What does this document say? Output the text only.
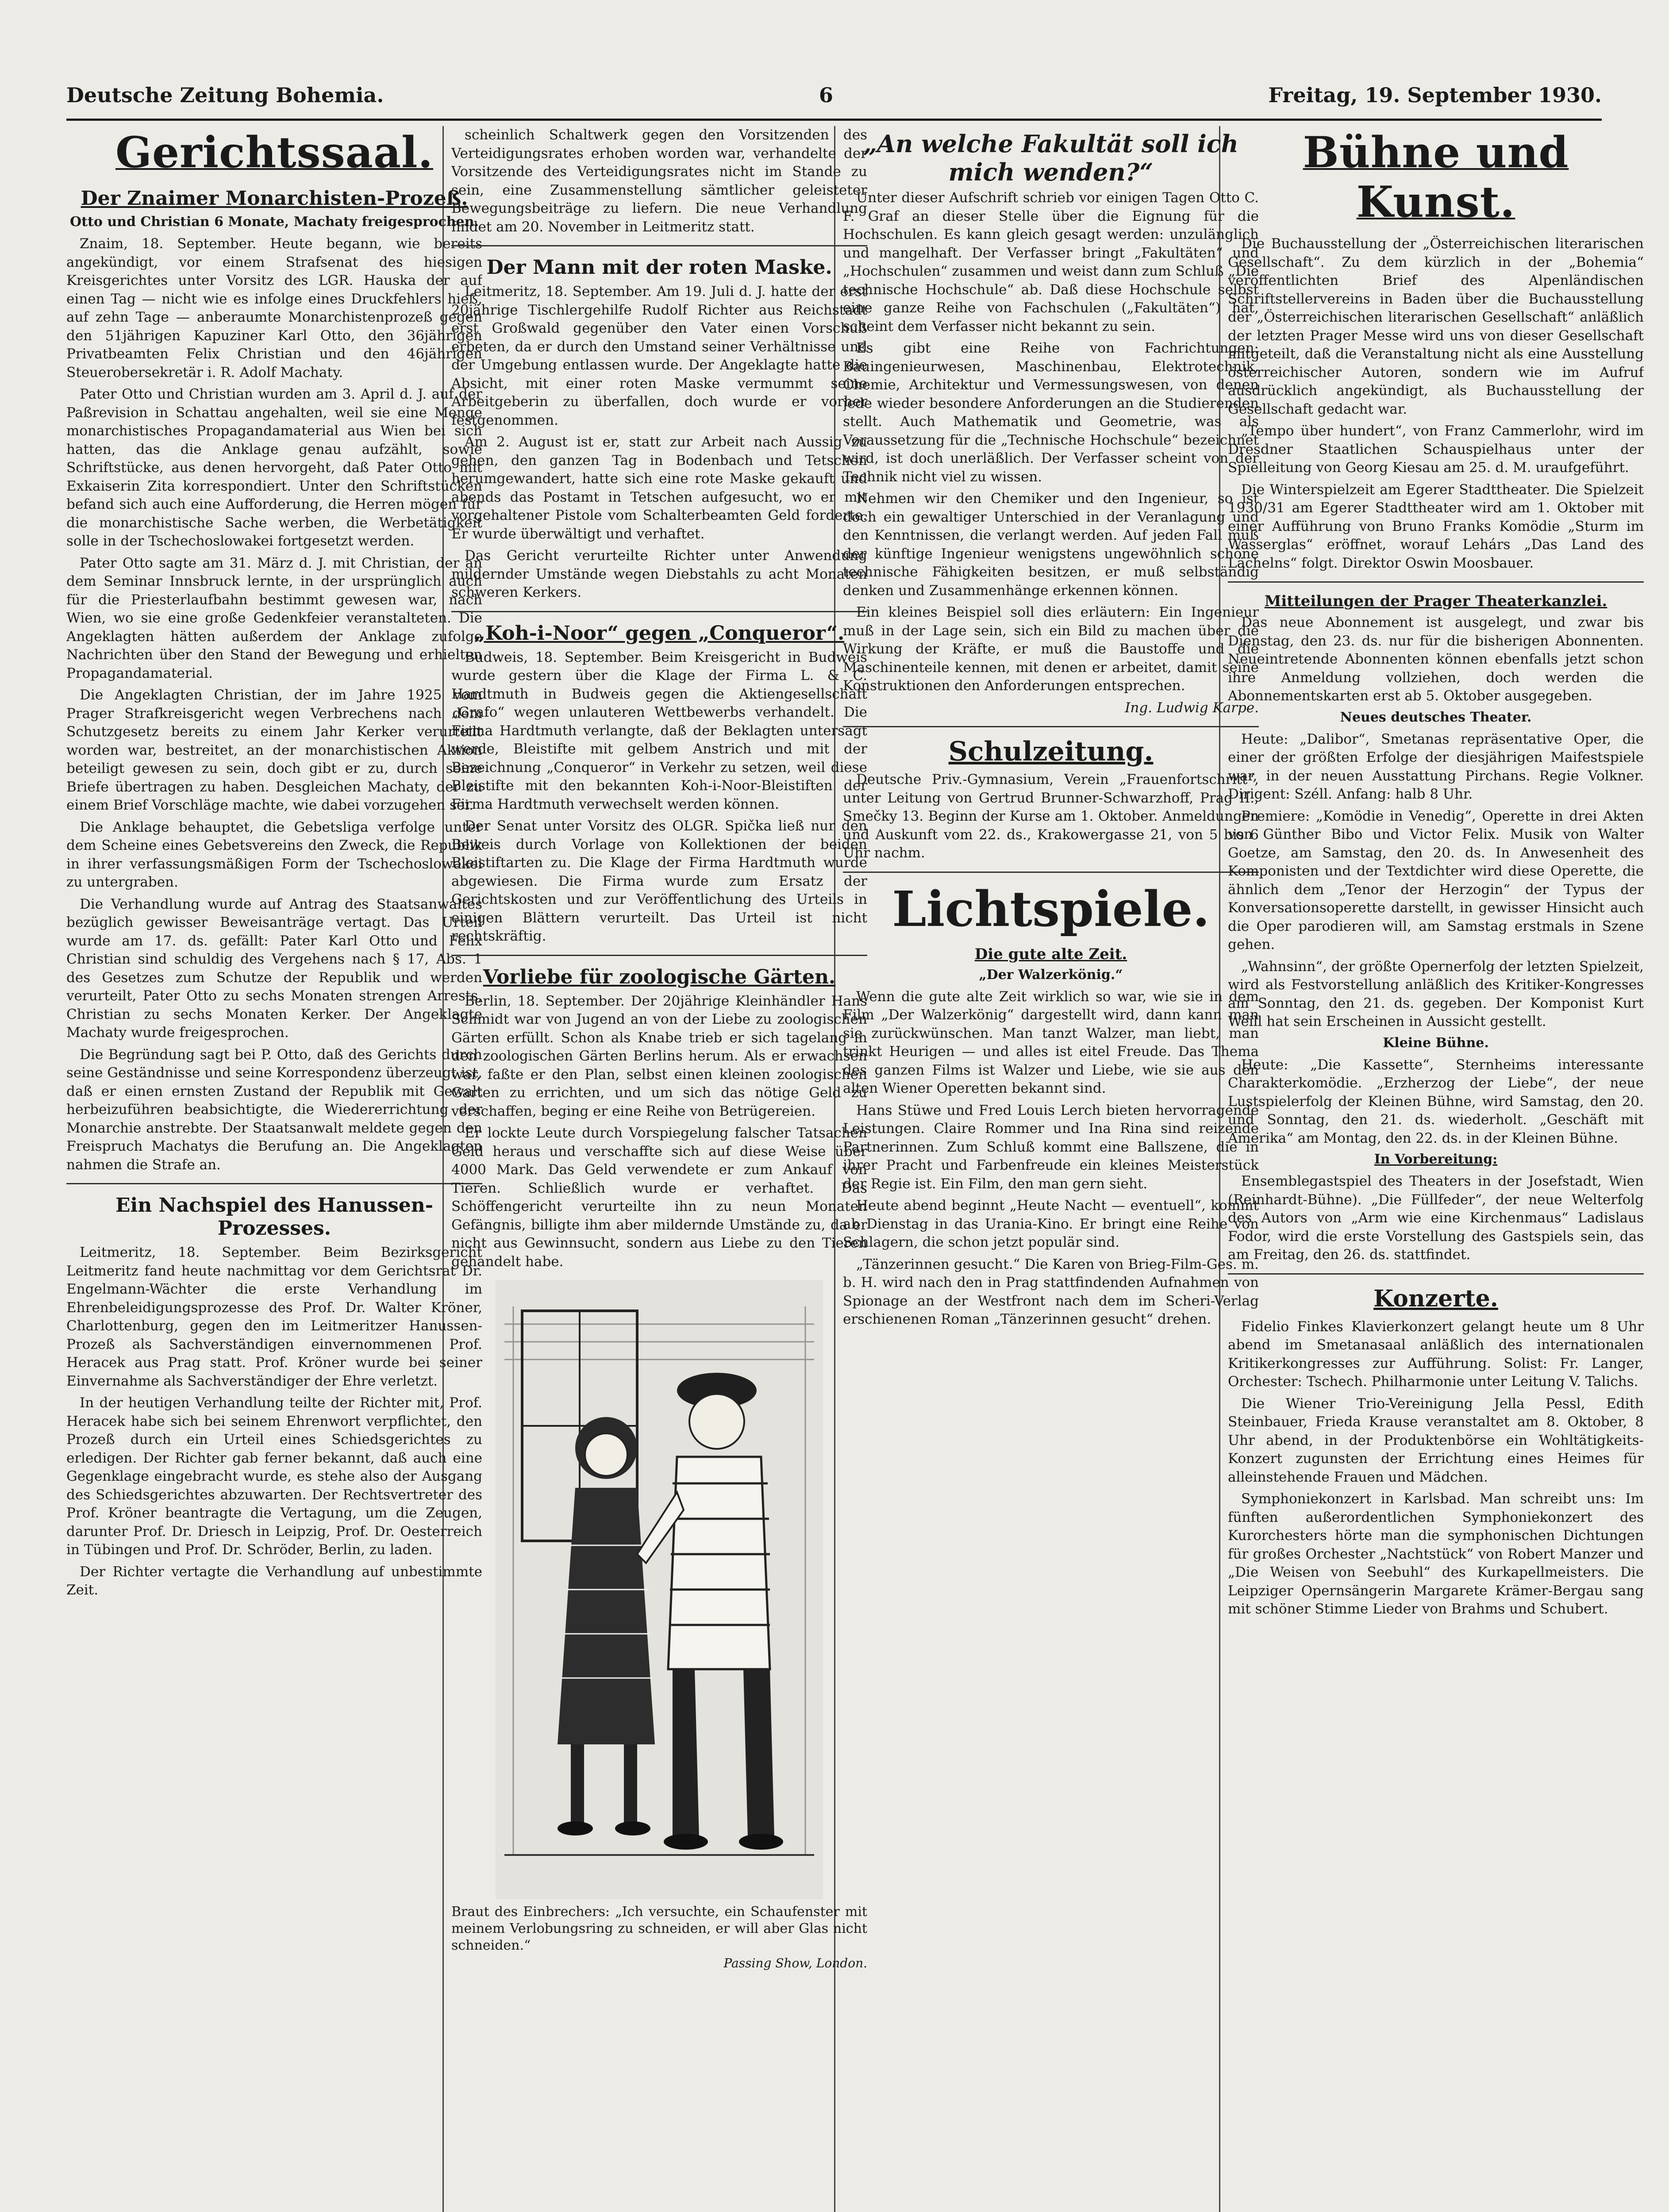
Deutsche Zeitung Bohemia.	6	Freitag, 19. September 1930.
Gerichtssaal.
Der Znaimer Monarchisten-Prozeß.
Otto und Christian 6 Monate, Machaty freigesprochen.

Znaim, 18. September. Heute begann, wie bereits angekündigt, vor einem Strafsenat des hiesigen Kreisgerichtes unter Vorsitz des LGR. Hauska der auf einen Tag — nicht wie es infolge eines Druckfehlers hieß, auf zehn Tage — anberaumte Monarchistenprozeß gegen den 51jährigen Kapuziner Karl Otto, den 36jährigen Privatbeamten Felix Christian und den 46jährigen Steuerobersekretär i. R. Adolf Machaty.

Pater Otto und Christian wurden am 3. April d. J. auf der Paßrevision in Schattau angehalten, weil sie eine Menge monarchistisches Propagandamaterial aus Wien bei sich hatten, das die Anklage genau aufzählt, sowie Schriftstücke, aus denen hervorgeht, daß Pater Otto mit Exkaiserin Zita korrespondiert. Unter den Schriftstücken befand sich auch eine Aufforderung, die Herren mögen für die monarchistische Sache werben, die Werbetätigkeit solle in der Tschechoslowakei fortgesetzt werden.

Pater Otto sagte am 31. März d. J. mit Christian, der an dem Seminar Innsbruck lernte, in der ursprünglich auch für die Priesterlaufbahn bestimmt gewesen war, nach Wien, wo sie eine große Gedenkfeier veranstalteten. Die Angeklagten hätten außerdem der Anklage zufolge Nachrichten über den Stand der Bewegung und erhielten Propagandamaterial.

Die Angeklagten Christian, der im Jahre 1925 vom Prager Strafkreisgericht wegen Verbrechens nach dem Schutzgesetz bereits zu einem Jahr Kerker verurteilt worden war, bestreitet, an der monarchistischen Aktion beteiligt gewesen zu sein, doch gibt er zu, durch seine Briefe übertragen zu haben. Desgleichen Machaty, der zu einem Brief Vorschläge machte, wie dabei vorzugehen sei.

Die Anklage behauptet, die Gebetsliga verfolge unter dem Scheine eines Gebetsvereins den Zweck, die Republik in ihrer verfassungsmäßigen Form der Tschechoslowakei zu untergraben.

Die Verhandlung wurde auf Antrag des Staatsanwaltes bezüglich gewisser Beweisanträge vertagt. Das Urteil wurde am 17. ds. gefällt: Pater Karl Otto und Felix Christian sind schuldig des Vergehens nach § 17, Abs. 1 des Gesetzes zum Schutze der Republik und werden verurteilt, Pater Otto zu sechs Monaten strengen Arrests, Christian zu sechs Monaten Kerker. Der Angeklagte Machaty wurde freigesprochen.

Die Begründung sagt bei P. Otto, daß des Gerichts durch seine Geständnisse und seine Korrespondenz überzeugt ist, daß er einen ernsten Zustand der Republik mit Gewalt herbeizuführen beabsichtigte, die Wiedererrichtung der Monarchie anstrebte. Der Staatsanwalt meldete gegen den Freispruch Machatys die Berufung an. Die Angeklagten nahmen die Strafe an.

Ein Nachspiel des Hanussen-Prozesses.

Leitmeritz, 18. September. Beim Bezirksgericht Leitmeritz fand heute nachmittag vor dem Gerichtsrat Dr. Engelmann-Wächter die erste Verhandlung im Ehrenbeleidigungsprozesse des Prof. Dr. Walter Kröner, Charlottenburg, gegen den im Leitmeritzer Hanussen-Prozeß als Sachverständigen einvernommenen Prof. Heracek aus Prag statt. Prof. Kröner wurde bei seiner Einvernahme als Sachverständiger der Ehre verletzt.

In der heutigen Verhandlung teilte der Richter mit, Prof. Heracek habe sich bei seinem Ehrenwort verpflichtet, den Prozeß durch ein Urteil eines Schiedsgerichtes zu erledigen. Der Richter gab ferner bekannt, daß auch eine Gegenklage eingebracht wurde, es stehe also der Ausgang des Schiedsgerichtes abzuwarten. Der Rechtsvertreter des Prof. Kröner beantragte die Vertagung, um die Zeugen, darunter Prof. Dr. Driesch in Leipzig, Prof. Dr. Oesterreich in Tübingen und Prof. Dr. Schröder, Berlin, zu laden.

Der Richter vertagte die Verhandlung auf unbestimmte Zeit.

scheinlich Schaltwerk gegen den Vorsitzenden des Verteidigungsrates erhoben worden war, verhandelte der Vorsitzende des Verteidigungsrates nicht im Stande zu sein, eine Zusammenstellung sämtlicher geleisteter Bewegungsbeiträge zu liefern. Die neue Verhandlung findet am 20. November in Leitmeritz statt.

Der Mann mit der roten Maske.

Leitmeritz, 18. September. Am 19. Juli d. J. hatte der erst 20jährige Tischlergehilfe Rudolf Richter aus Reichstadt erst Großwald gegenüber den Vater einen Vorschuß erbeten, da er durch den Umstand seiner Verhältnisse und der Umgebung entlassen wurde. Der Angeklagte hatte die Absicht, mit einer roten Maske vermummt seine Arbeitgeberin zu überfallen, doch wurde er vorher festgenommen.

Am 2. August ist er, statt zur Arbeit nach Aussig zu gehen, den ganzen Tag in Bodenbach und Tetschen herumgewandert, hatte sich eine rote Maske gekauft und abends das Postamt in Tetschen aufgesucht, wo er mit vorgehaltener Pistole vom Schalterbeamten Geld forderte. Er wurde überwältigt und verhaftet.

Das Gericht verurteilte Richter unter Anwendung mildernder Umstände wegen Diebstahls zu acht Monaten schweren Kerkers.

„Koh-i-Noor“ gegen „Conqueror“.

Budweis, 18. September. Beim Kreisgericht in Budweis wurde gestern über die Klage der Firma L. & C. Hardtmuth in Budweis gegen die Aktiengesellschaft „Grafo“ wegen unlauteren Wettbewerbs verhandelt. Die Firma Hardtmuth verlangte, daß der Beklagten untersagt werde, Bleistifte mit gelbem Anstrich und mit der Bezeichnung „Conqueror“ in Verkehr zu setzen, weil diese Bleistifte mit den bekannten Koh-i-Noor-Bleistiften der Firma Hardtmuth verwechselt werden können.

Der Senat unter Vorsitz des OLGR. Spička ließ nur den Beweis durch Vorlage von Kollektionen der beiden Bleistiftarten zu. Die Klage der Firma Hardtmuth wurde abgewiesen. Die Firma wurde zum Ersatz der Gerichtskosten und zur Veröffentlichung des Urteils in einigen Blättern verurteilt. Das Urteil ist nicht rechtskräftig.

Vorliebe für zoologische Gärten.

Berlin, 18. September. Der 20jährige Kleinhändler Hans Schmidt war von Jugend an von der Liebe zu zoologischen Gärten erfüllt. Schon als Knabe trieb er sich tagelang in den zoologischen Gärten Berlins herum. Als er erwachsen war, faßte er den Plan, selbst einen kleinen zoologischen Garten zu errichten, und um sich das nötige Geld zu verschaffen, beging er eine Reihe von Betrügereien.

Er lockte Leute durch Vorspiegelung falscher Tatsachen Geld heraus und verschaffte sich auf diese Weise über 4000 Mark. Das Geld verwendete er zum Ankauf von Tieren. Schließlich wurde er verhaftet. Das Schöffengericht verurteilte ihn zu neun Monaten Gefängnis, billigte ihm aber mildernde Umstände zu, da er nicht aus Gewinnsucht, sondern aus Liebe zu den Tieren gehandelt habe.

Braut des Einbrechers: „Ich versuchte, ein Schaufenster mit meinem Verlobungsring zu schneiden, er will aber Glas nicht schneiden.“
Passing Show, London.
„An welche Fakultät soll ich mich wenden?“

Unter dieser Aufschrift schrieb vor einigen Tagen Otto C. F. Graf an dieser Stelle über die Eignung für die Hochschulen. Es kann gleich gesagt werden: unzulänglich und mangelhaft. Der Verfasser bringt „Fakultäten“ und „Hochschulen“ zusammen und weist dann zum Schluß „Die technische Hochschule“ ab. Daß diese Hochschule selbst eine ganze Reihe von Fachschulen („Fakultäten“) hat, scheint dem Verfasser nicht bekannt zu sein.

Es gibt eine Reihe von Fachrichtungen: Bauingenieurwesen, Maschinenbau, Elektrotechnik, Chemie, Architektur und Vermessungswesen, von denen jede wieder besondere Anforderungen an die Studierenden stellt. Auch Mathematik und Geometrie, was als Voraussetzung für die „Technische Hochschule“ bezeichnet wird, ist doch unerläßlich. Der Verfasser scheint von der Technik nicht viel zu wissen.

Nehmen wir den Chemiker und den Ingenieur, so ist doch ein gewaltiger Unterschied in der Veranlagung und den Kenntnissen, die verlangt werden. Auf jeden Fall muß der künftige Ingenieur wenigstens ungewöhnlich schöne technische Fähigkeiten besitzen, er muß selbständig denken und Zusammenhänge erkennen können.

Ein kleines Beispiel soll dies erläutern: Ein Ingenieur muß in der Lage sein, sich ein Bild zu machen über die Wirkung der Kräfte, er muß die Baustoffe und die Maschinenteile kennen, mit denen er arbeitet, damit seine Konstruktionen den Anforderungen entsprechen.

Ing. Ludwig Karpe.

Schulzeitung.

Deutsche Priv.-Gymnasium, Verein „Frauenfortschritt“, unter Leitung von Gertrud Brunner-Schwarzhoff, Prag II., Smečky 13. Beginn der Kurse am 1. Oktober. Anmeldungen und Auskunft vom 22. ds., Krakowergasse 21, von 5 bis 6 Uhr nachm.

Lichtspiele.
Die gute alte Zeit.
„Der Walzerkönig.“

Wenn die gute alte Zeit wirklich so war, wie sie in dem Film „Der Walzerkönig“ dargestellt wird, dann kann man sie zurückwünschen. Man tanzt Walzer, man liebt, man trinkt Heurigen — und alles ist eitel Freude. Das Thema des ganzen Films ist Walzer und Liebe, wie sie aus den alten Wiener Operetten bekannt sind.

Hans Stüwe und Fred Louis Lerch bieten hervorragende Leistungen. Claire Rommer und Ina Rina sind reizende Partnerinnen. Zum Schluß kommt eine Ballszene, die in ihrer Pracht und Farbenfreude ein kleines Meisterstück der Regie ist. Ein Film, den man gern sieht.

Heute abend beginnt „Heute Nacht — eventuell“, kommt ab Dienstag in das Urania-Kino. Er bringt eine Reihe von Schlagern, die schon jetzt populär sind.

„Tänzerinnen gesucht.“ Die Karen von Brieg-Film-Ges. m. b. H. wird nach den in Prag stattfindenden Aufnahmen von Spionage an der Westfront nach dem im Scheri-Verlag erschienenen Roman „Tänzerinnen gesucht“ drehen.

Bühne und Kunst.

Die Buchausstellung der „Österreichischen literarischen Gesellschaft“. Zu dem kürzlich in der „Bohemia“ veröffentlichten Brief des Alpenländischen Schriftstellervereins in Baden über die Buchausstellung der „Österreichischen literarischen Gesellschaft“ anläßlich der letzten Prager Messe wird uns von dieser Gesellschaft mitgeteilt, daß die Veranstaltung nicht als eine Ausstellung österreichischer Autoren, sondern wie im Aufruf ausdrücklich angekündigt, als Buchausstellung der Gesellschaft gedacht war.

„Tempo über hundert“, von Franz Cammerlohr, wird im Dresdner Staatlichen Schauspielhaus unter der Spielleitung von Georg Kiesau am 25. d. M. uraufgeführt.

Die Winterspielzeit am Egerer Stadttheater. Die Spielzeit 1930/31 am Egerer Stadttheater wird am 1. Oktober mit einer Aufführung von Bruno Franks Komödie „Sturm im Wasserglas“ eröffnet, worauf Lehárs „Das Land des Lächelns“ folgt. Direktor Oswin Moosbauer.

Mitteilungen der Prager Theaterkanzlei.

Das neue Abonnement ist ausgelegt, und zwar bis Dienstag, den 23. ds. nur für die bisherigen Abonnenten. Neueintretende Abonnenten können ebenfalls jetzt schon ihre Anmeldung vollziehen, doch werden die Abonnementskarten erst ab 5. Oktober ausgegeben.

Neues deutsches Theater.

Heute: „Dalibor“, Smetanas repräsentative Oper, die einer der größten Erfolge der diesjährigen Maifestspiele war, in der neuen Ausstattung Pirchans. Regie Volkner. Dirigent: Széll. Anfang: halb 8 Uhr.

Premiere: „Komödie in Venedig“, Operette in drei Akten von Günther Bibo und Victor Felix. Musik von Walter Goetze, am Samstag, den 20. ds. In Anwesenheit des Komponisten und der Textdichter wird diese Operette, die ähnlich dem „Tenor der Herzogin“ der Typus der Konversationsoperette darstellt, in gewisser Hinsicht auch die Oper parodieren will, am Samstag erstmals in Szene gehen.

„Wahnsinn“, der größte Opernerfolg der letzten Spielzeit, wird als Festvorstellung anläßlich des Kritiker-Kongresses am Sonntag, den 21. ds. gegeben. Der Komponist Kurt Weill hat sein Erscheinen in Aussicht gestellt.

Kleine Bühne.

Heute: „Die Kassette“, Sternheims interessante Charakterkomödie. „Erzherzog der Liebe“, der neue Lustspielerfolg der Kleinen Bühne, wird Samstag, den 20. und Sonntag, den 21. ds. wiederholt. „Geschäft mit Amerika“ am Montag, den 22. ds. in der Kleinen Bühne.

In Vorbereitung:

Ensemblegastspiel des Theaters in der Josefstadt, Wien (Reinhardt-Bühne). „Die Füllfeder“, der neue Welterfolg des Autors von „Arm wie eine Kirchenmaus“ Ladislaus Fodor, wird die erste Vorstellung des Gastspiels sein, das am Freitag, den 26. ds. stattfindet.

Konzerte.

Fidelio Finkes Klavierkonzert gelangt heute um 8 Uhr abend im Smetanasaal anläßlich des internationalen Kritikerkongresses zur Aufführung. Solist: Fr. Langer, Orchester: Tschech. Philharmonie unter Leitung V. Talichs.

Die Wiener Trio-Vereinigung Jella Pessl, Edith Steinbauer, Frieda Krause veranstaltet am 8. Oktober, 8 Uhr abend, in der Produktenbörse ein Wohltätigkeits-Konzert zugunsten der Errichtung eines Heimes für alleinstehende Frauen und Mädchen.

Symphoniekonzert in Karlsbad. Man schreibt uns: Im fünften außerordentlichen Symphoniekonzert des Kurorchesters hörte man die symphonischen Dichtungen für großes Orchester „Nachtstück“ von Robert Manzer und „Die Weisen von Seebuhl“ des Kurkapellmeisters. Die Leipziger Opernsängerin Margarete Krämer-Bergau sang mit schöner Stimme Lieder von Brahms und Schubert.
